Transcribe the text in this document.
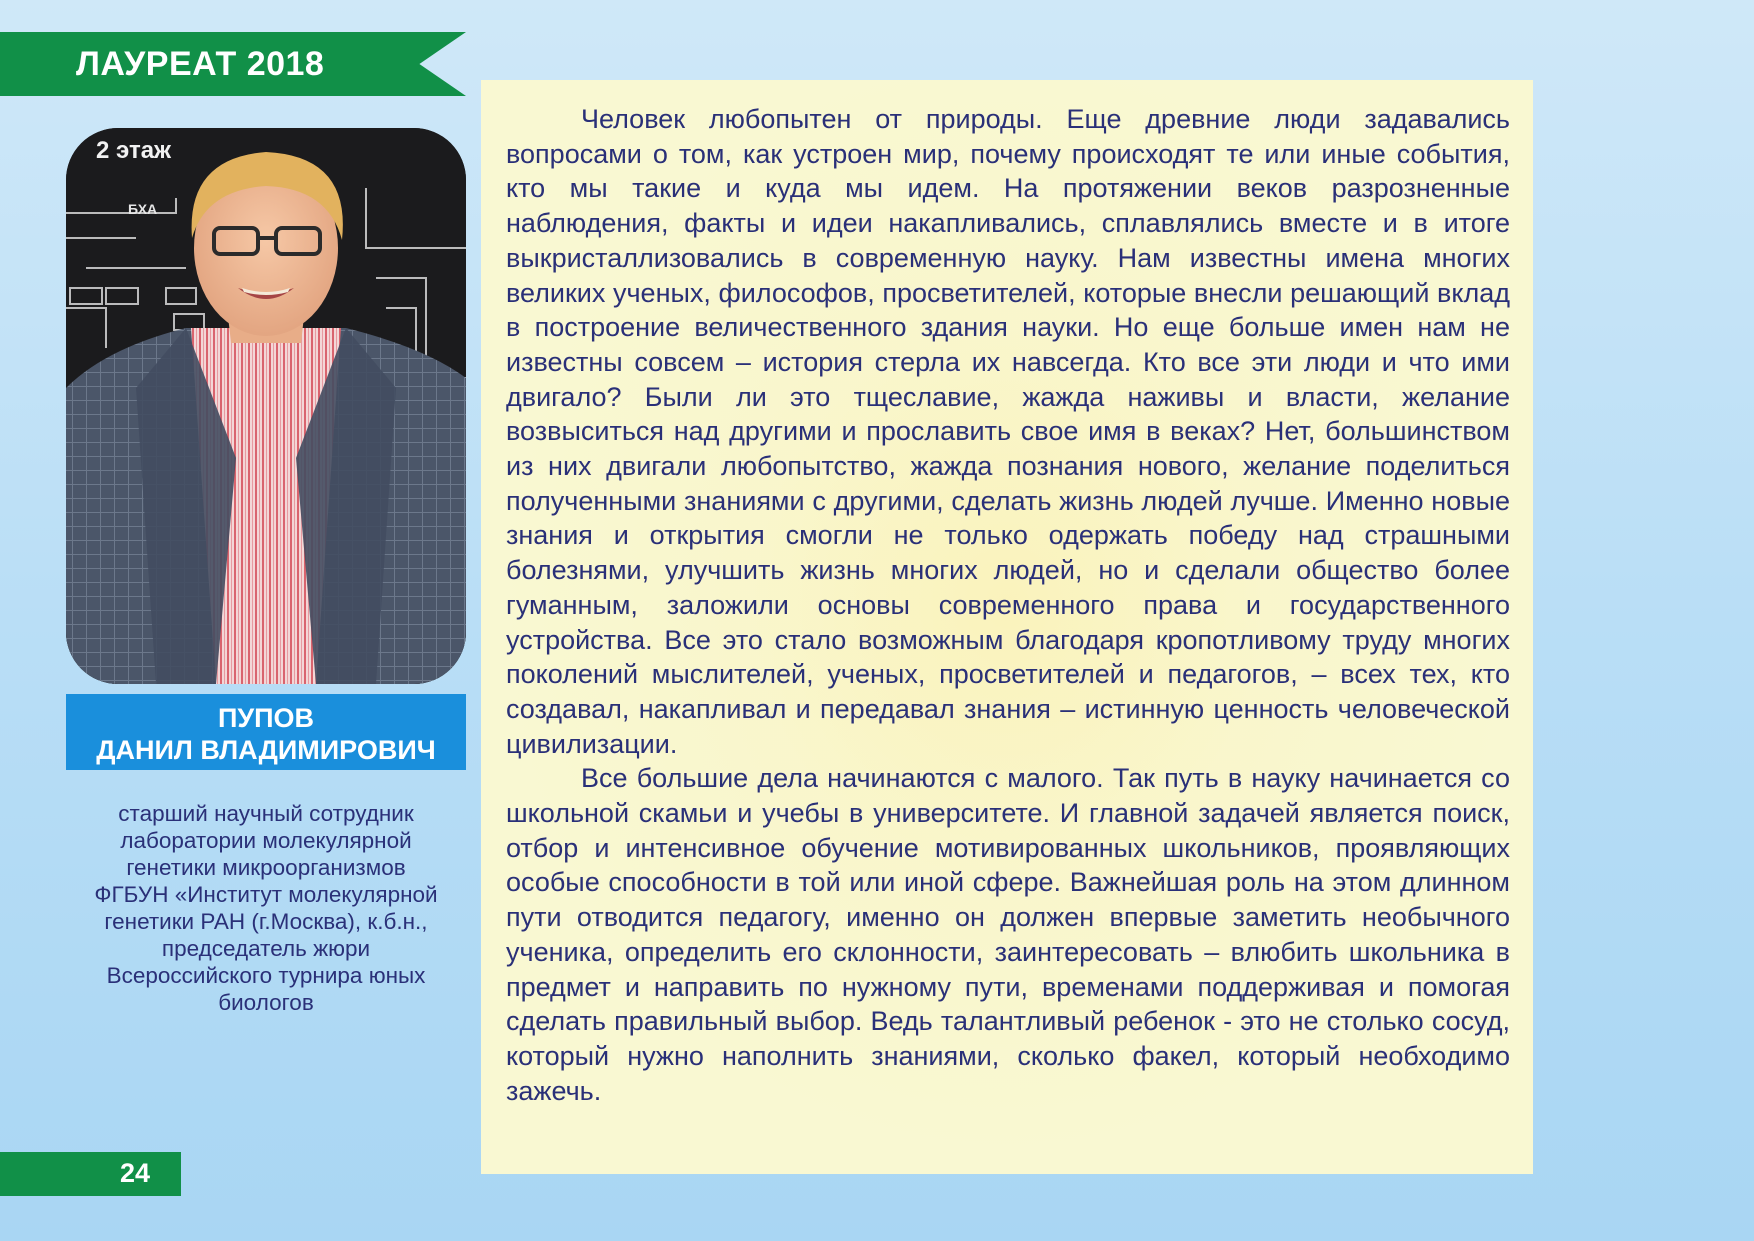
ЛАУРЕАТ 2018
2 этаж
БХА
ПУПОВ
ДАНИЛ ВЛАДИМИРОВИЧ
старший научный сотрудник
лаборатории молекулярной
генетики микроорганизмов
ФГБУН «Институт молекулярной
генетики РАН (г.Москва), к.б.н.,
председатель жюри
Всероссийского турнира юных
биологов
24

Человек любопытен от природы. Еще древние люди задавались вопросами о том, как устроен мир, почему происходят те или иные события, кто мы такие и куда мы идем. На протяжении веков разрозненные наблюдения, факты и идеи накапливались, сплавлялись вместе и в итоге выкристаллизовались в современную науку. Нам известны имена многих великих ученых, философов, просветителей, которые внесли решающий вклад в построение величественного здания науки. Но еще больше имен нам не известны совсем – история стерла их навсегда. Кто все эти люди и что ими двигало? Были ли это тщеславие, жажда наживы и власти, желание возвыситься над другими и прославить свое имя в веках? Нет, большинством из них двигали любопытство, жажда познания нового, желание поделиться полученными знаниями с другими, сделать жизнь людей лучше. Именно новые знания и открытия смогли не только одержать победу над страшными болезнями, улучшить жизнь многих людей, но и сделали общество более гуманным, заложили основы современного права и государственного устройства. Все это стало возможным благодаря кропотливому труду многих поколений мыслителей, ученых, просветителей и педагогов, – всех тех, кто создавал, накапливал и передавал знания – истинную ценность человеческой цивилизации.

Все большие дела начинаются с малого. Так путь в науку начинается со школьной скамьи и учебы в университете. И главной задачей является поиск, отбор и интенсивное обучение мотивированных школьников, проявляющих особые способности в той или иной сфере. Важнейшая роль на этом длинном пути отводится педагогу, именно он должен впервые заметить необычного ученика, определить его склонности, заинтересовать – влюбить школьника в предмет и направить по нужному пути, временами поддерживая и помогая сделать правильный выбор. Ведь талантливый ребенок - это не столько сосуд, который нужно наполнить знаниями, сколько факел, который необходимо зажечь.
